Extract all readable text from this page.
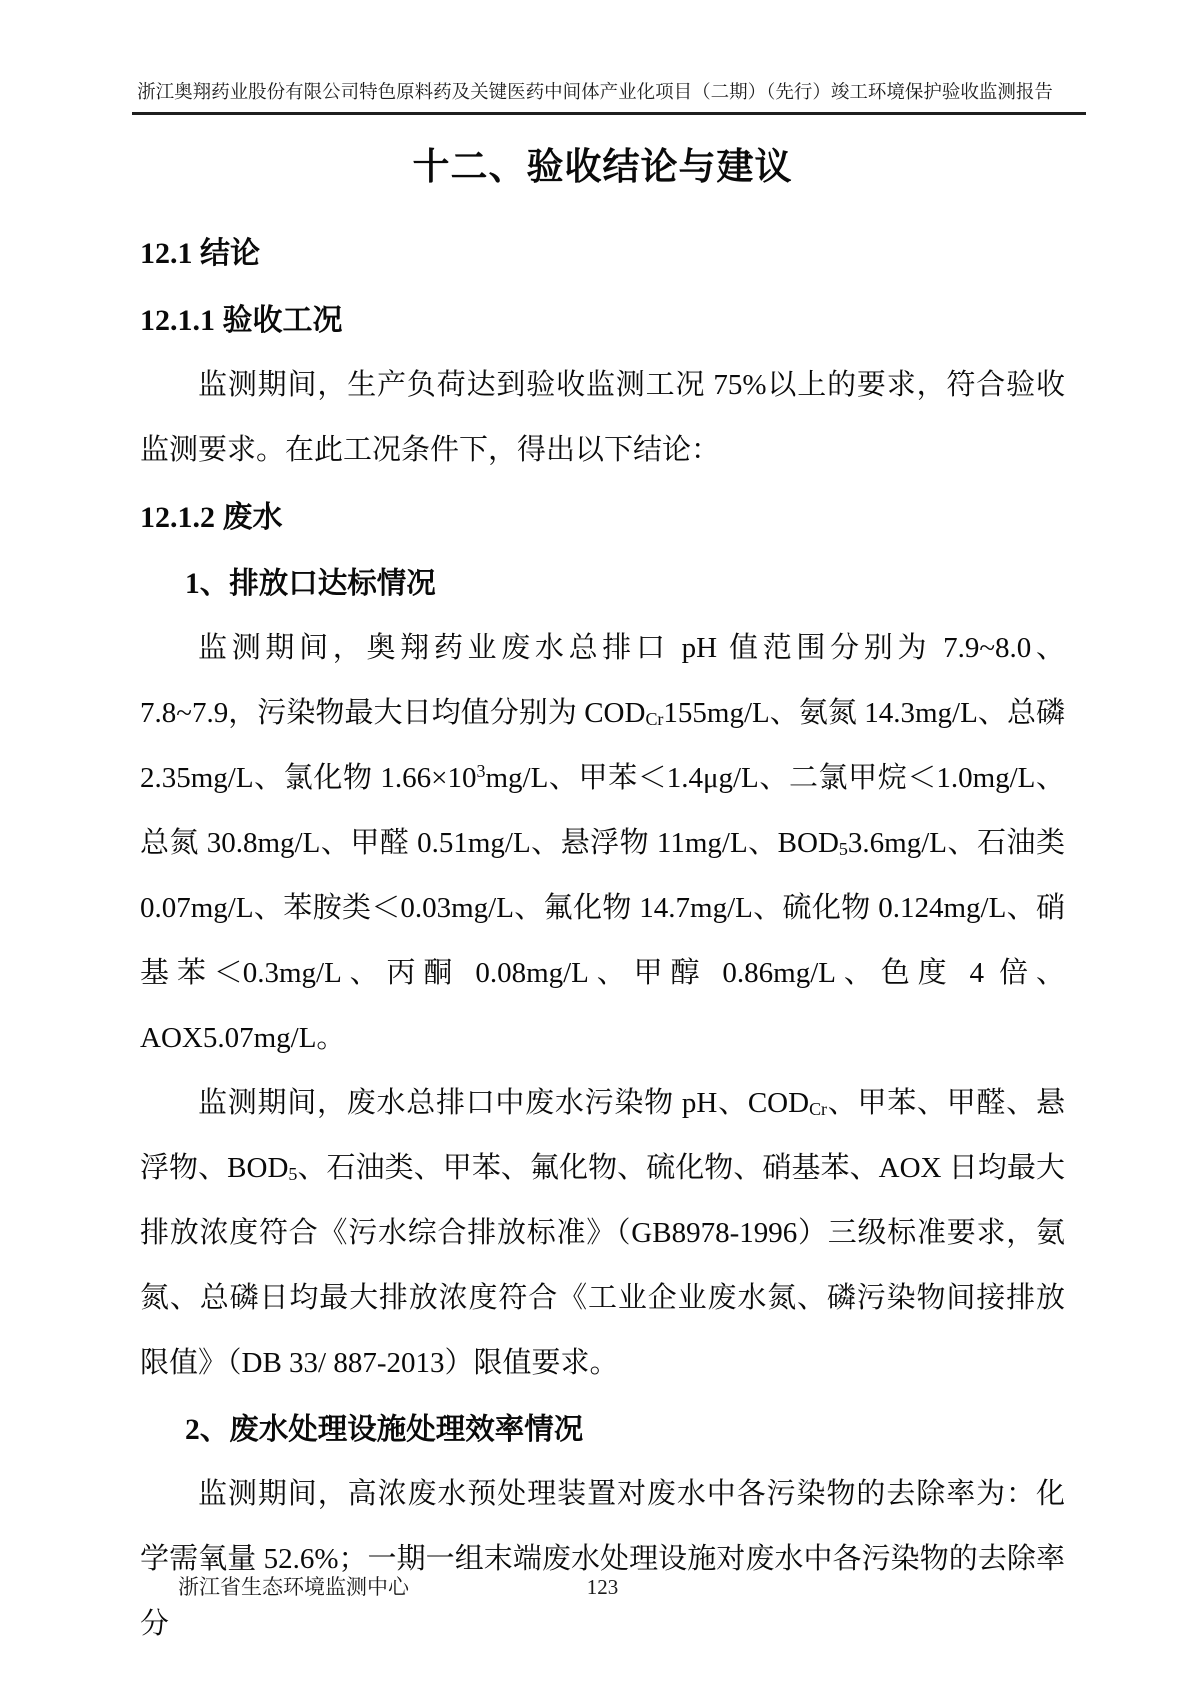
浙江奥翔药业股份有限公司特色原料药及关键医药中间体产业化项目（二期）（先行）竣工环境保护验收监测报告
十二、验收结论与建议
12.1 结论
12.1.1 验收工况
监测期间，生产负荷达到验收监测工况 75%以上的要求，符合验收监测要求。在此工况条件下，得出以下结论：
12.1.2 废水
1、排放口达标情况
监测期间，奥翔药业废水总排口 pH 值范围分别为 7.9~8.0、7.8~7.9，污染物最大日均值分别为 $COD_{Cr}155mg/L$、氨氮 14.3mg/L、总磷 2.35mg/L、氯化物 $1.66\times 10^3mg/L$、甲苯＜1.4μg/L、二氯甲烷＜1.0mg/L、总氮 30.8mg/L、甲醛 0.51mg/L、悬浮物 11mg/L、$BOD_53.6mg/L$、石油类 0.07mg/L、苯胺类＜0.03mg/L、氟化物 14.7mg/L、硫化物 0.124mg/L、硝基苯＜0.3mg/L、丙酮 0.08mg/L、甲醇 0.86mg/L、色度 4 倍、AOX5.07mg/L。
监测期间，废水总排口中废水污染物 pH、$COD_{Cr}$、甲苯、甲醛、悬浮物、$BOD_5$、石油类、甲苯、氟化物、硫化物、硝基苯、AOX 日均最大排放浓度符合《污水综合排放标准》（GB8978-1996）三级标准要求，氨氮、总磷日均最大排放浓度符合《工业企业废水氮、磷污染物间接排放限值》（DB 33/ 887-2013）限值要求。
2、废水处理设施处理效率情况
监测期间，高浓废水预处理装置对废水中各污染物的去除率为：化学需氧量 52.6%；一期一组末端废水处理设施对废水中各污染物的去除率分
浙江省生态环境监测中心	123
